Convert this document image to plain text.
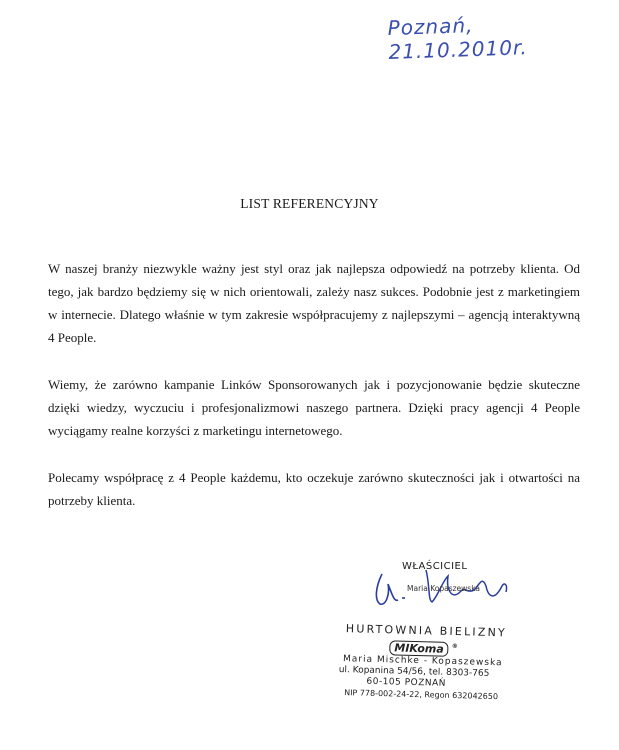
Poznań, 21.10.2010r.
LIST REFERENCYJNY

W naszej branży niezwykle ważny jest styl oraz jak najlepsza odpowiedź na potrzeby klienta. Od tego, jak bardzo będziemy się w nich orientowali, zależy nasz sukces. Podobnie jest z marketingiem w internecie. Dlatego właśnie w tym zakresie współpracujemy z najlepszymi – agencją interaktywną 4 People.

Wiemy, że zarówno kampanie Linków Sponsorowanych jak i pozycjonowanie będzie skuteczne dzięki wiedzy, wyczuciu i profesjonalizmowi naszego partnera. Dzięki pracy agencji 4 People wyciągamy realne korzyści z marketingu internetowego.

Polecamy współpracę z 4 People każdemu, kto oczekuje zarówno skuteczności jak i otwartości na potrzeby klienta.

WŁAŚCICIEL
Maria Kopaszewska
HURTOWNIA BIELIZNY
MIKoma ®
Maria Mischke - Kopaszewska
ul. Kopanina 54/56, tel. 8303-765
60-105 POZNAŃ
NIP 778-002-24-22, Regon 632042650
